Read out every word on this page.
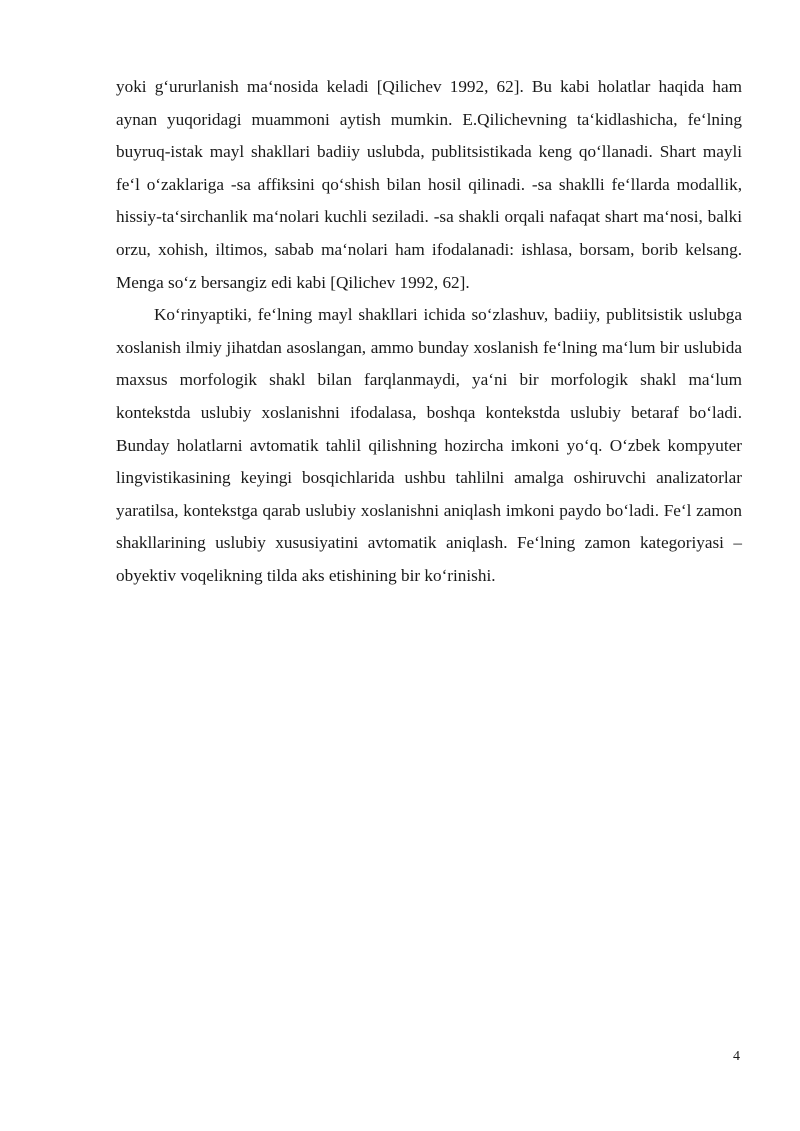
yoki g‘ururlanish ma‘nosida keladi [Qilichev 1992, 62]. Bu kabi holatlar haqida ham aynan yuqoridagi muammoni aytish mumkin. E.Qilichevning ta‘kidlashicha, fe‘lning buyruq-istak mayl shakllari badiiy uslubda, publitsistikada keng qo‘llanadi. Shart mayli fe‘l o‘zaklariga -sa affiksini qo‘shish bilan hosil qilinadi. -sa shaklli fe‘llarda modallik, hissiy-ta‘sirchanlik ma‘nolari kuchli seziladi. -sa shakli orqali nafaqat shart ma‘nosi, balki orzu, xohish, iltimos, sabab ma‘nolari ham ifodalanadi: ishlasa, borsam, borib kelsang. Menga so‘z bersangiz edi kabi [Qilichev 1992, 62].

Ko‘rinyaptiki, fe‘lning mayl shakllari ichida so‘zlashuv, badiiy, publitsistik uslubga xoslanish ilmiy jihatdan asoslangan, ammo bunday xoslanish fe‘lning ma‘lum bir uslubida maxsus morfologik shakl bilan farqlanmaydi, ya‘ni bir morfologik shakl ma‘lum kontekstda uslubiy xoslanishni ifodalasa, boshqa kontekstda uslubiy betaraf bo‘ladi. Bunday holatlarni avtomatik tahlil qilishning hozircha imkoni yo‘q. O‘zbek kompyuter lingvistikasining keyingi bosqichlarida ushbu tahlilni amalga oshiruvchi analizatorlar yaratilsa, kontekstga qarab uslubiy xoslanishni aniqlash imkoni paydo bo‘ladi. Fe‘l zamon shakllarining uslubiy xususiyatini avtomatik aniqlash. Fe‘lning zamon kategoriyasi – obyektiv voqelikning tilda aks etishining bir ko‘rinishi.

4
